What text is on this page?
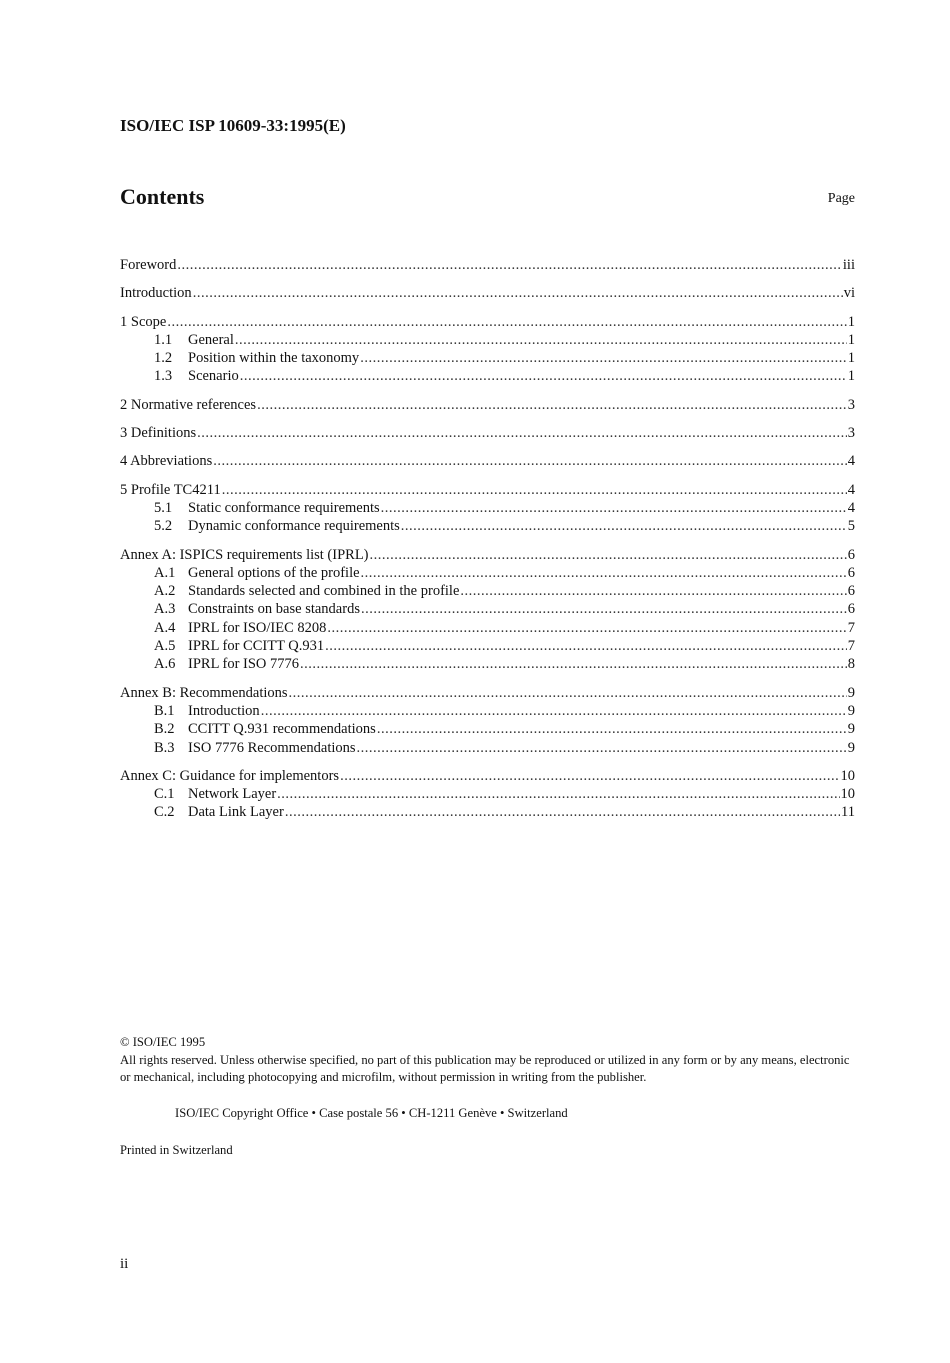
ISO/IEC ISP 10609-33:1995(E)
Contents	Page
Foreword .....	iii
Introduction .....	vi
1 Scope .....	1
1.1	General .....	1
1.2	Position within the taxonomy .....	1
1.3	Scenario .....	1
2 Normative references .....	3
3 Definitions .....	3
4 Abbreviations .....	4
5 Profile TC4211 .....	4
5.1	Static conformance requirements .....	4
5.2	Dynamic conformance requirements .....	5
Annex A: ISPICS requirements list (IPRL) .....	6
A.1 General options of the profile .....	6
A.2 Standards selected and combined in the profile .....	6
A.3 Constraints on base standards .....	6
A.4 IPRL for ISO/IEC 8208 .....	7
A.5 IPRL for CCITT Q.931 .....	7
A.6 IPRL for ISO 7776 .....	8
Annex B: Recommendations .....	9
B.1 Introduction .....	9
B.2 CCITT Q.931 recommendations .....	9
B.3 ISO 7776 Recommendations .....	9
Annex C: Guidance for implementors .....	10
C.1 Network Layer .....	10
C.2 Data Link Layer .....	11
© ISO/IEC 1995
All rights reserved. Unless otherwise specified, no part of this publication may be reproduced or utilized in any form or by any means, electronic or mechanical, including photocopying and microfilm, without permission in writing from the publisher.
ISO/IEC Copyright Office • Case postale 56 • CH-1211 Genève • Switzerland
Printed in Switzerland
ii
